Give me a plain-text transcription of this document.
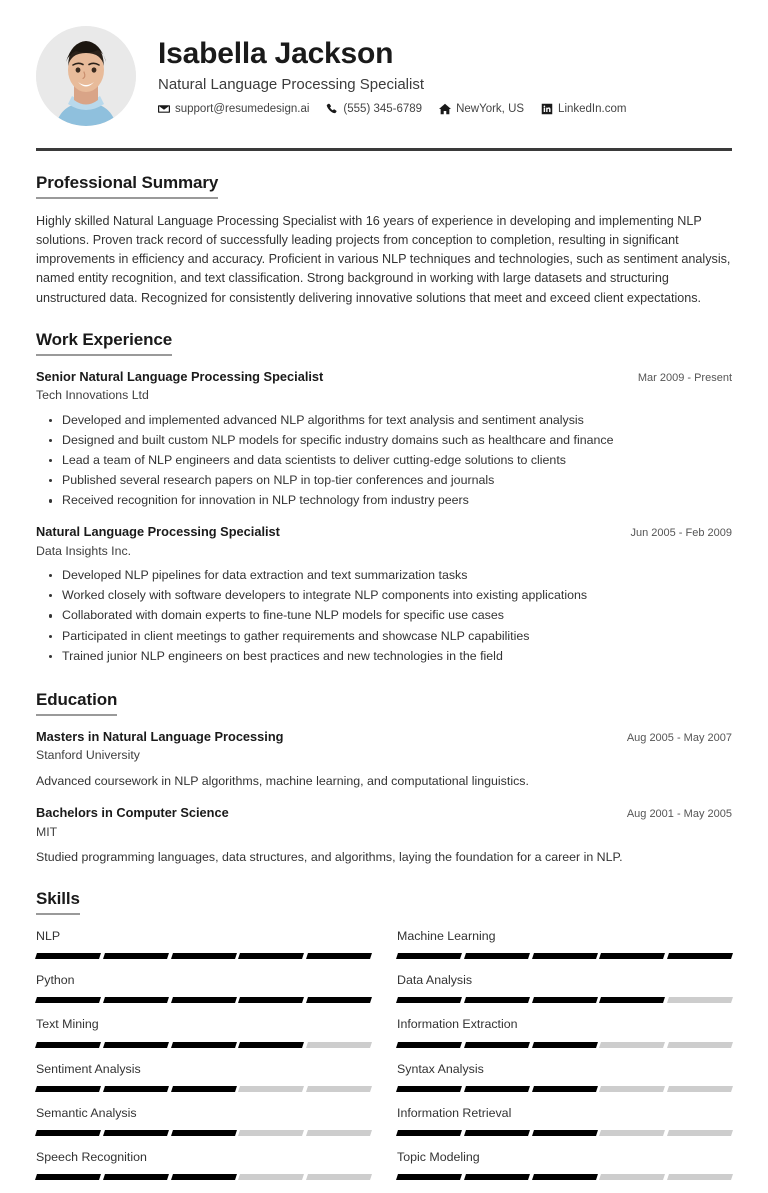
Isabella Jackson
Natural Language Processing Specialist
support@resumedesign.ai	(555) 345-6789	NewYork, US	LinkedIn.com
Professional Summary

Highly skilled Natural Language Processing Specialist with 16 years of experience in developing and implementing NLP solutions. Proven track record of successfully leading projects from conception to completion, resulting in significant improvements in efficiency and accuracy. Proficient in various NLP techniques and technologies, such as sentiment analysis, named entity recognition, and text classification. Strong background in working with large datasets and structuring unstructured data. Recognized for consistently delivering innovative solutions that meet and exceed client expectations.

Work Experience
Senior Natural Language Processing Specialist	Mar 2009 - Present
Tech Innovations Ltd
Developed and implemented advanced NLP algorithms for text analysis and sentiment analysis
Designed and built custom NLP models for specific industry domains such as healthcare and finance
Lead a team of NLP engineers and data scientists to deliver cutting-edge solutions to clients
Published several research papers on NLP in top-tier conferences and journals
Received recognition for innovation in NLP technology from industry peers
Natural Language Processing Specialist	Jun 2005 - Feb 2009
Data Insights Inc.
Developed NLP pipelines for data extraction and text summarization tasks
Worked closely with software developers to integrate NLP components into existing applications
Collaborated with domain experts to fine-tune NLP models for specific use cases
Participated in client meetings to gather requirements and showcase NLP capabilities
Trained junior NLP engineers on best practices and new technologies in the field
Education
Masters in Natural Language Processing	Aug 2005 - May 2007
Stanford University
Advanced coursework in NLP algorithms, machine learning, and computational linguistics.
Bachelors in Computer Science	Aug 2001 - May 2005
MIT
Studied programming languages, data structures, and algorithms, laying the foundation for a career in NLP.
Skills
NLP	Machine Learning
Python	Data Analysis
Text Mining	Information Extraction
Sentiment Analysis	Syntax Analysis
Semantic Analysis	Information Retrieval
Speech Recognition	Topic Modeling
